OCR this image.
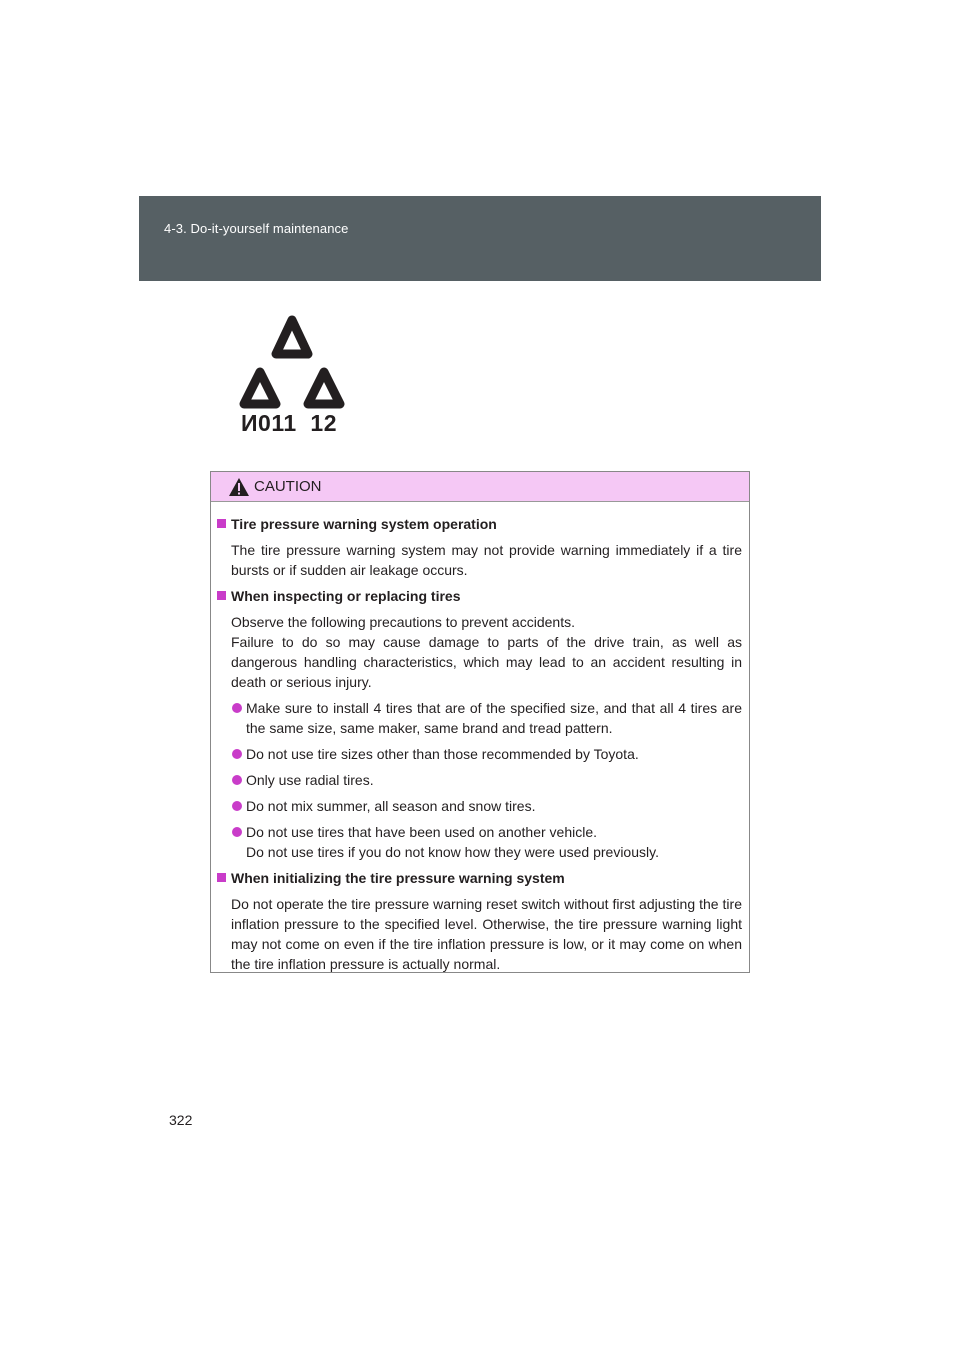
4-3. Do-it-yourself maintenance
И011  12
CAUTION
Tire pressure warning system operation
The tire pressure warning system may not provide warning immediately if a tire bursts or if sudden air leakage occurs.
When inspecting or replacing tires
Observe the following precautions to prevent accidents.
Failure to do so may cause damage to parts of the drive train, as well as dangerous handling characteristics, which may lead to an accident resulting in death or serious injury.
Make sure to install 4 tires that are of the specified size, and that all 4 tires are the same size, same maker, same brand and tread pattern.
Do not use tire sizes other than those recommended by Toyota.
Only use radial tires.
Do not mix summer, all season and snow tires.
Do not use tires that have been used on another vehicle.
Do not use tires if you do not know how they were used previously.
When initializing the tire pressure warning system
Do not operate the tire pressure warning reset switch without first adjusting the tire inflation pressure to the specified level. Otherwise, the tire pressure warning light may not come on even if the tire inflation pressure is low, or it may come on when the tire inflation pressure is actually normal.
322
